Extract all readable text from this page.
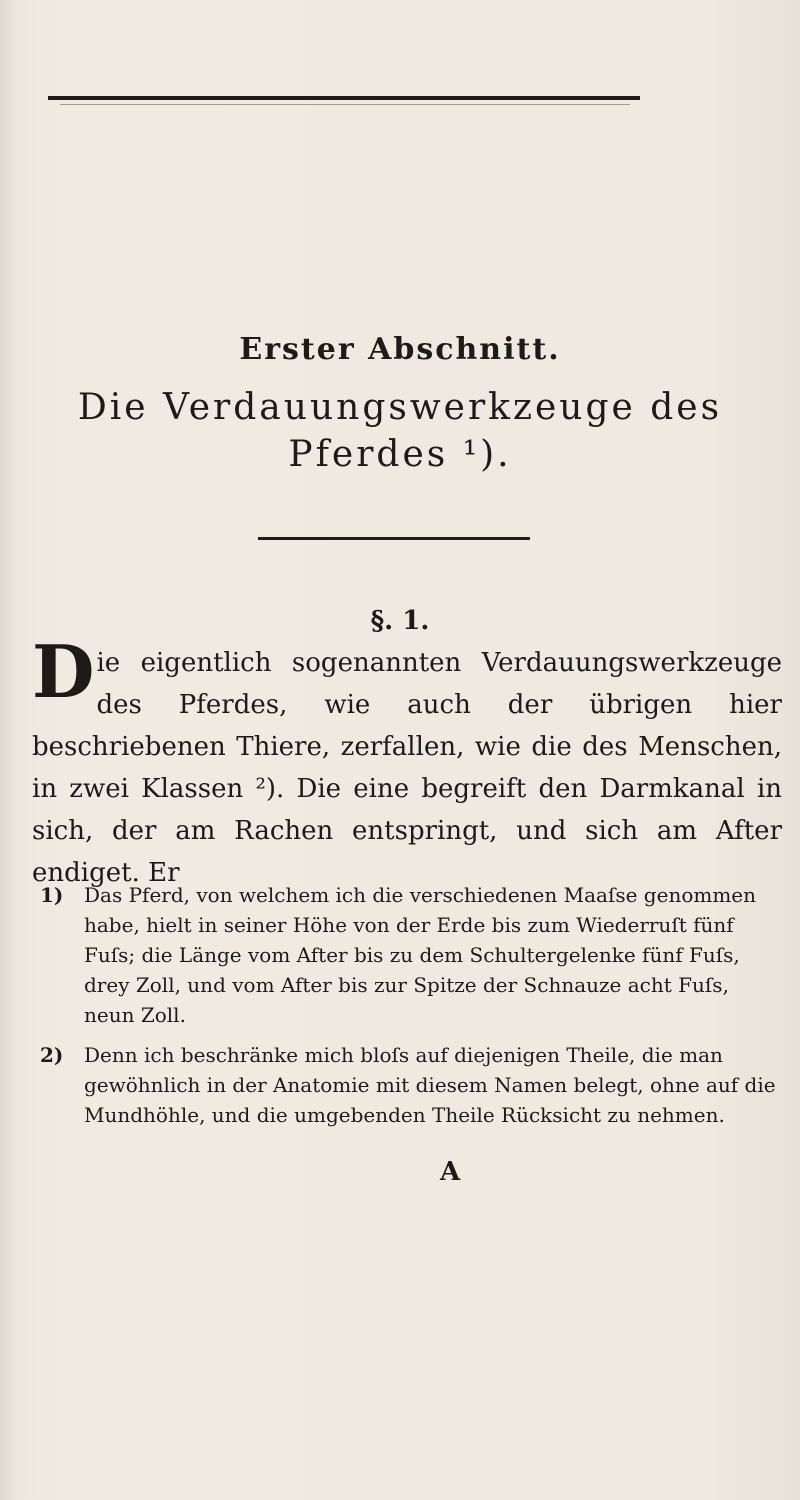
Erster Abschnitt.
Die Verdauungswerkzeuge des
Pferdes ¹).
§. 1.
Die eigentlich sogenannten Verdauungswerkzeuge des Pferdes, wie auch der übrigen hier beschriebenen Thiere, zerfallen, wie die des Menschen, in zwei Klassen ²). Die eine begreift den Darmkanal in sich, der am Rachen entspringt, und sich am After endiget. Er
1)	Das Pferd, von welchem ich die verschiedenen Maaſse genommen habe, hielt in seiner Höhe von der Erde bis zum Wiederruſt fünf Fuſs; die Länge vom After bis zu dem Schultergelenke fünf Fuſs, drey Zoll, und vom After bis zur Spitze der Schnauze acht Fuſs, neun Zoll.
2)	Denn ich beschränke mich bloſs auf diejenigen Theile, die man gewöhnlich in der Anatomie mit diesem Namen belegt, ohne auf die Mundhöhle, und die umgebenden Theile Rücksicht zu nehmen.
A
